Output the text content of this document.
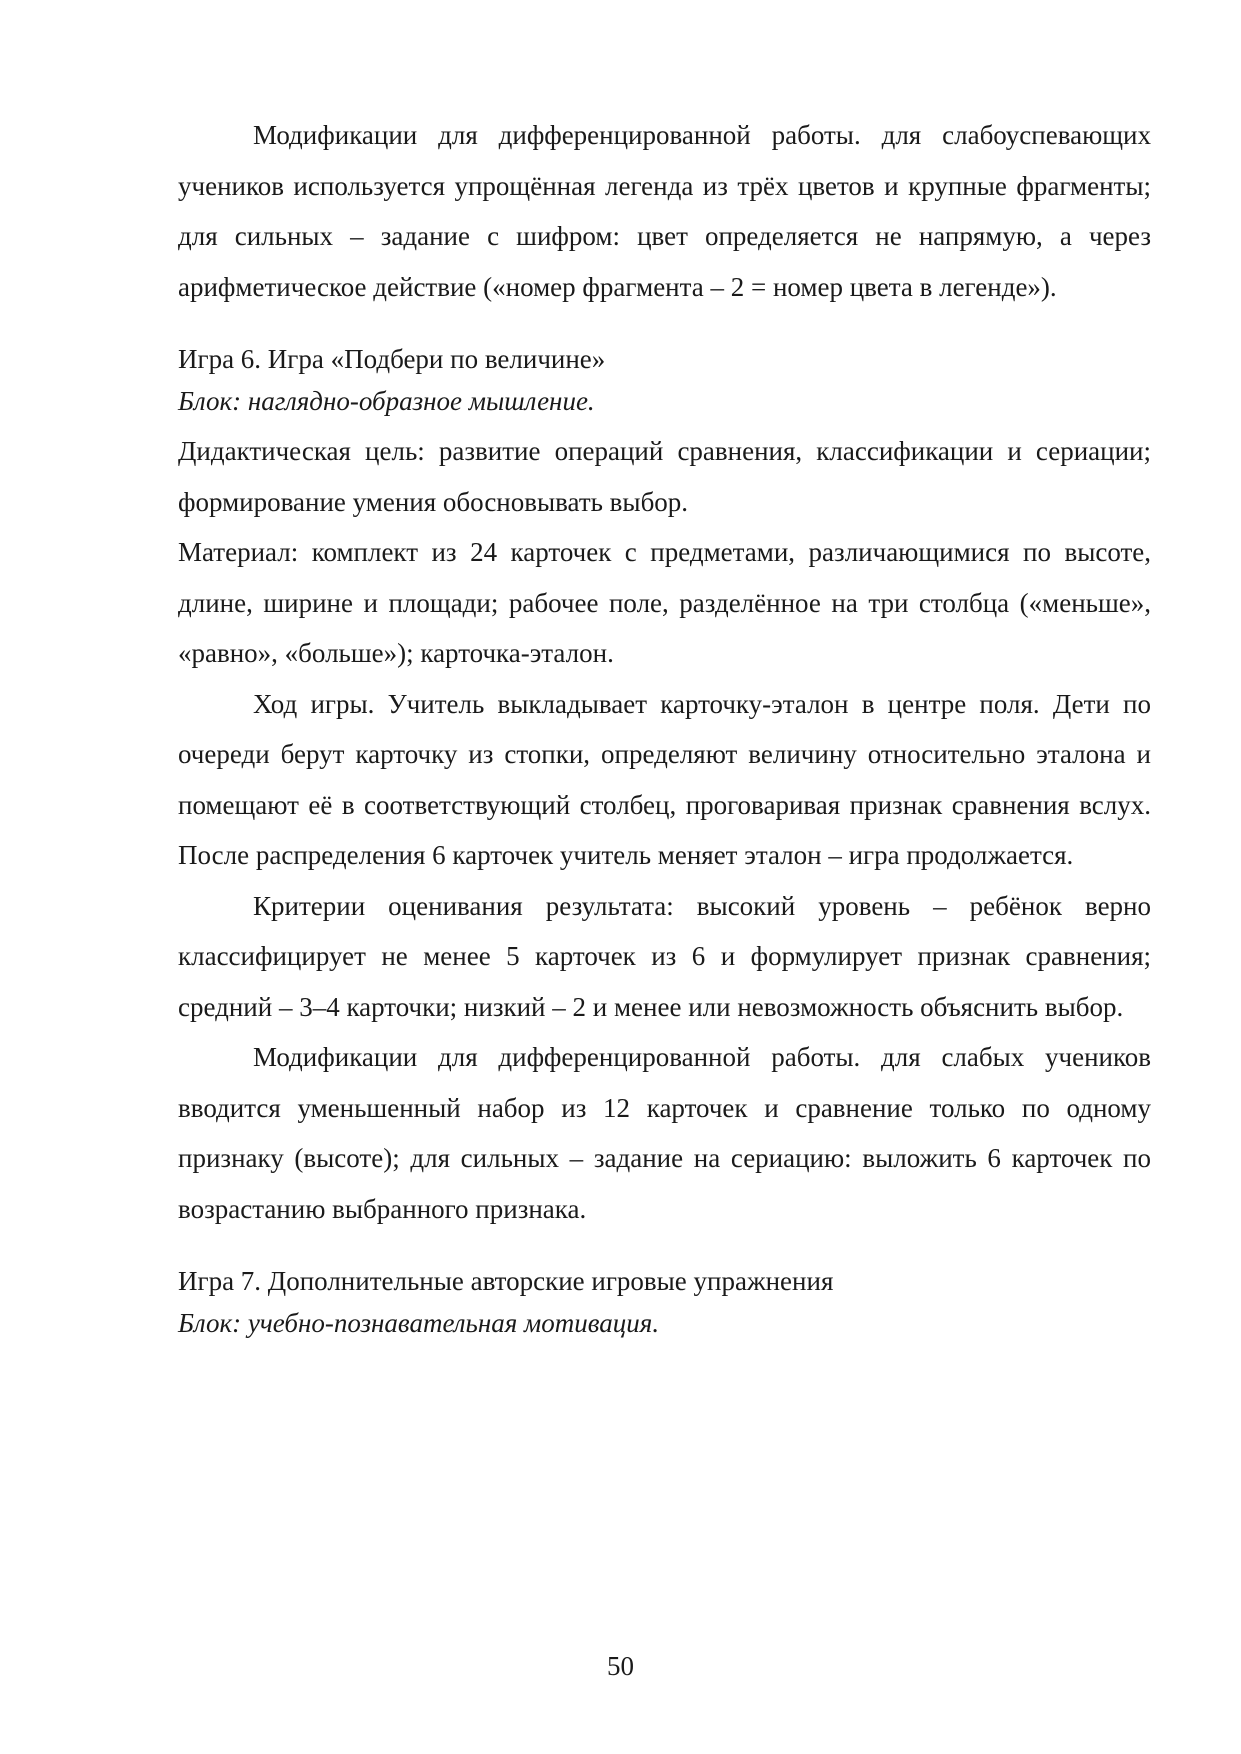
Модификации для дифференцированной работы. для слабоуспевающих учеников используется упрощённая легенда из трёх цветов и крупные фрагменты; для сильных – задание с шифром: цвет определяется не напрямую, а через арифметическое действие («номер фрагмента – 2 = номер цвета в легенде»).

Игра 6. Игра «Подбери по величине»

Блок: наглядно-образное мышление.

Дидактическая цель: развитие операций сравнения, классификации и сериации; формирование умения обосновывать выбор.

Материал: комплект из 24 карточек с предметами, различающимися по высоте, длине, ширине и площади; рабочее поле, разделённое на три столбца («меньше», «равно», «больше»); карточка-эталон.

Ход игры. Учитель выкладывает карточку-эталон в центре поля. Дети по очереди берут карточку из стопки, определяют величину относительно эталона и помещают её в соответствующий столбец, проговаривая признак сравнения вслух. После распределения 6 карточек учитель меняет эталон – игра продолжается.

Критерии оценивания результата: высокий уровень – ребёнок верно классифицирует не менее 5 карточек из 6 и формулирует признак сравнения; средний – 3–4 карточки; низкий – 2 и менее или невозможность объяснить выбор.

Модификации для дифференцированной работы. для слабых учеников вводится уменьшенный набор из 12 карточек и сравнение только по одному признаку (высоте); для сильных – задание на сериацию: выложить 6 карточек по возрастанию выбранного признака.

Игра 7. Дополнительные авторские игровые упражнения

Блок: учебно-познавательная мотивация.

50
